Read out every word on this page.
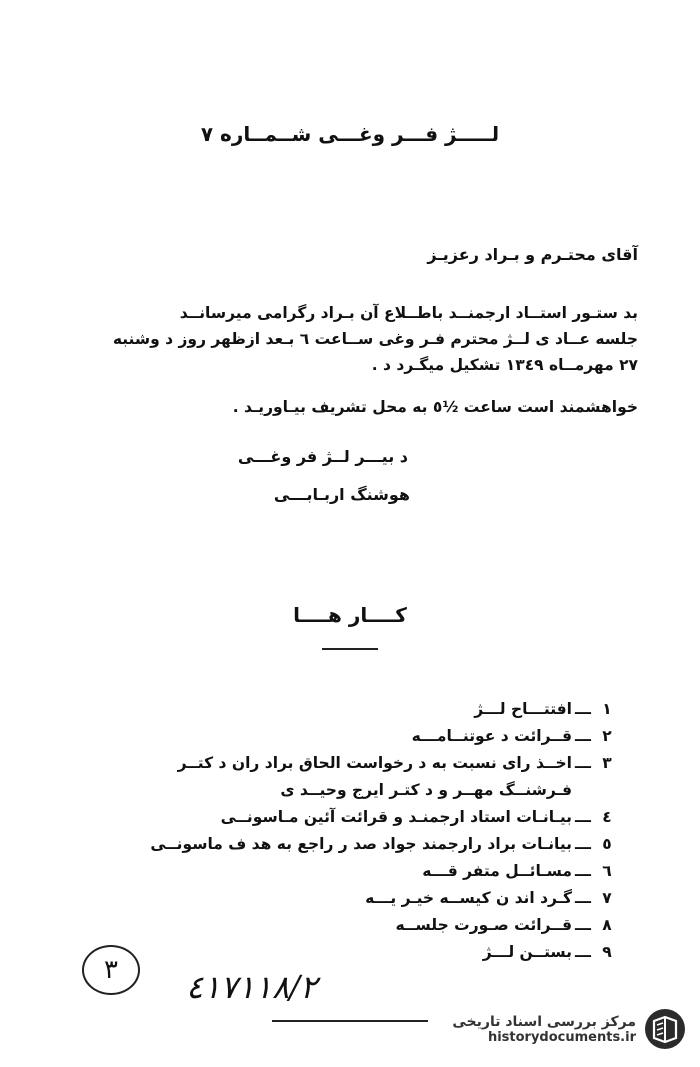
لـــــژ فـــر وغـــی شــمــاره ۷
آقای محتـرم و بـراد رعزیـز

بد ستـور استــاد ارجمنــد باطــلاع آن بـراد رگرامی میرسانــد

جلسه عــاد ی لــژ محترم فـر وغی ســاعت ٦ بـعد ازظهر روز د وشنبه

۲۷ مهرمــاه ۱۳٤۹ تشکیل میگـرد د .

خواهشمند است ساعت ½٥ به محل تشریف بیـاوریـد .
د بیـــر لــژ فر وغـــی
هوشنگ اربـابـــی
کــــار هــــا
۱
ـــ
افتتـــاح لـــژ
۲
ـــ
قــرائت د عوتنــامـــه
۳
ـــ
اخــذ رای نسبت به د رخواست الحاق براد ران د کتــر
فـرشنــگ مهــر و د کتـر ایرج وحیــد ی
٤
ـــ
بیـانـات استاد ارجمنـد و قرائت آئین مـاسونــی
٥
ـــ
بیانـات براد رارجمند جواد صد ر راجع به هد ف ماسونــی
٦
ـــ
مسـائــل متفر قـــه
۷
ـــ
گـرد اند ن کیســه خیـر یـــه
۸
ـــ
قــرائت صـورت جلســه
۹
ـــ
بستــن لـــژ
۳ ٤١٧١١٨/٢
مرکز بررسی اسناد تاریخی
historydocuments.ir
